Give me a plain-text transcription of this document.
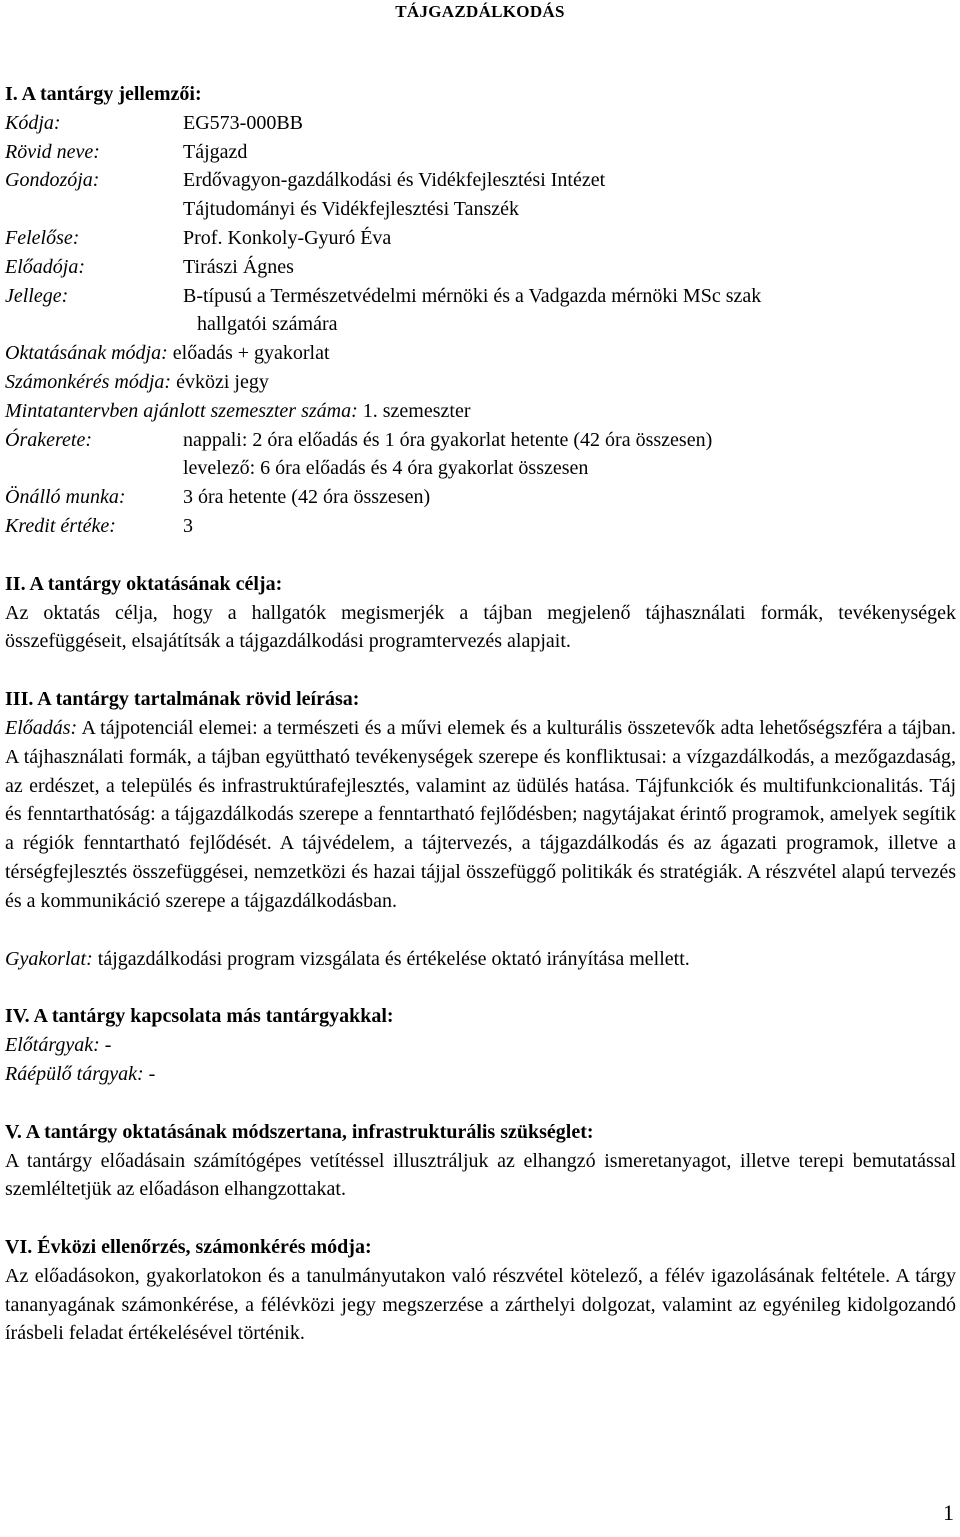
TÁJGAZDÁLKODÁS
I. A tantárgy jellemzői:
Kódja:	EG573-000BB
Rövid neve:	Tájgazd
Gondozója:	Erdővagyon-gazdálkodási és Vidékfejlesztési Intézet
Tájtudományi és Vidékfejlesztési Tanszék
Felelőse:	Prof. Konkoly-Gyuró Éva
Előadója:	Tirászi Ágnes
Jellege:	B-típusú a Természetvédelmi mérnöki és a Vadgazda mérnöki MSc szak
hallgatói számára
Oktatásának módja: előadás + gyakorlat
Számonkérés módja: évközi jegy
Mintatantervben ajánlott szemeszter száma: 1. szemeszter
Órakerete:	nappali: 2 óra előadás és 1 óra gyakorlat hetente (42 óra összesen)
levelező: 6 óra előadás és 4 óra gyakorlat összesen
Önálló munka:	3 óra hetente (42 óra összesen)
Kredit értéke:	3
II. A tantárgy oktatásának célja:
Az oktatás célja, hogy a hallgatók megismerjék a tájban megjelenő tájhasználati formák, tevékenységek összefüggéseit, elsajátítsák a tájgazdálkodási programtervezés alapjait.
III. A tantárgy tartalmának rövid leírása:
Előadás: A tájpotenciál elemei: a természeti és a művi elemek és a kulturális összetevők adta lehetőségszféra a tájban. A tájhasználati formák, a tájban együttható tevékenységek szerepe és konfliktusai: a vízgazdálkodás, a mezőgazdaság, az erdészet, a település és infrastruktúrafejlesztés, valamint az üdülés hatása. Tájfunkciók és multifunkcionalitás. Táj és fenntarthatóság: a tájgazdálkodás szerepe a fenntartható fejlődésben; nagytájakat érintő programok, amelyek segítik a régiók fenntartható fejlődését. A tájvédelem, a tájtervezés, a tájgazdálkodás és az ágazati programok, illetve a térségfejlesztés összefüggései, nemzetközi és hazai tájjal összefüggő politikák és stratégiák. A részvétel alapú tervezés és a kommunikáció szerepe a tájgazdálkodásban.
Gyakorlat: tájgazdálkodási program vizsgálata és értékelése oktató irányítása mellett.
IV. A tantárgy kapcsolata más tantárgyakkal:
Előtárgyak: -
Ráépülő tárgyak: -
V. A tantárgy oktatásának módszertana, infrastrukturális szükséglet:
A tantárgy előadásain számítógépes vetítéssel illusztráljuk az elhangzó ismeretanyagot, illetve terepi bemutatással szemléltetjük az előadáson elhangzottakat.
VI. Évközi ellenőrzés, számonkérés módja:
Az előadásokon, gyakorlatokon és a tanulmányutakon való részvétel kötelező, a félév igazolásának feltétele. A tárgy tananyagának számonkérése, a félévközi jegy megszerzése a zárthelyi dolgozat, valamint az egyénileg kidolgozandó írásbeli feladat értékelésével történik.
1
